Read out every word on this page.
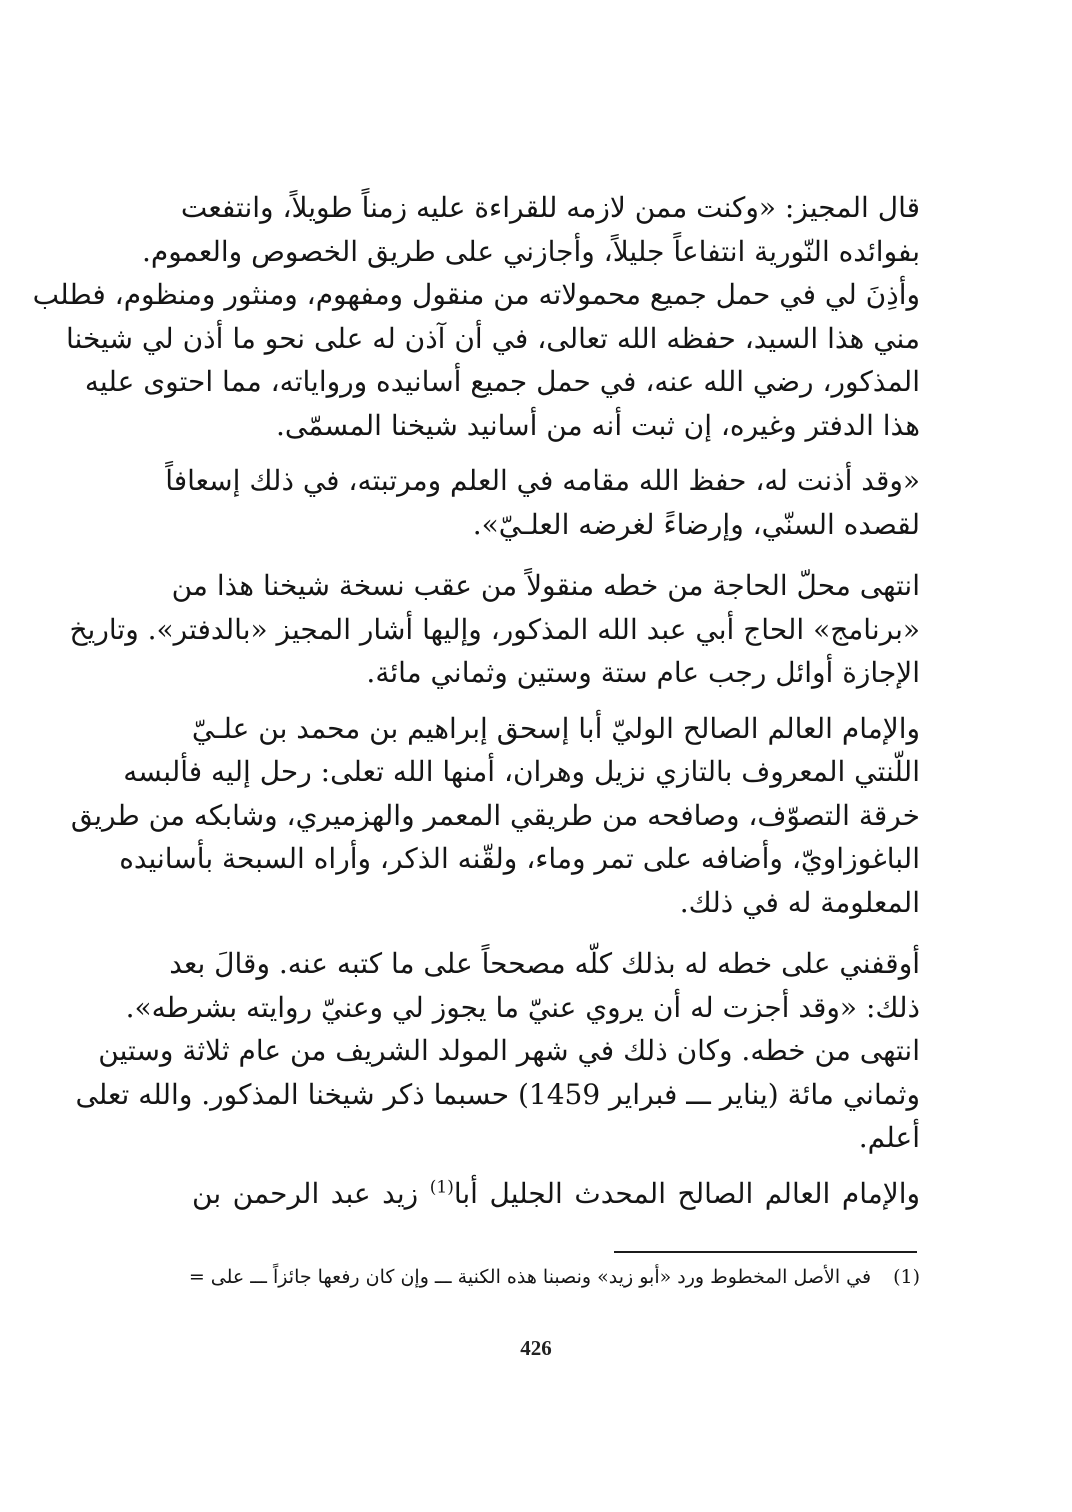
قال المجيز: «وكنت ممن لازمه للقراءة عليه زمناً طويلاً، وانتفعت
بفوائده النّورية انتفاعاً جليلاً، وأجازني على طريق الخصوص والعموم.
وأذِنَ لي في حمل جميع محمولاته من منقول ومفهوم، ومنثور ومنظوم، فطلب
مني هذا السيد، حفظه الله تعالى، في أن آذن له على نحو ما أذن لي شيخنا
المذكور، رضي الله عنه، في حمل جميع أسانيده ورواياته، مما احتوى عليه
هذا الدفتر وغيره، إن ثبت أنه من أسانيد شيخنا المسمّى.

«وقد أذنت له، حفظ الله مقامه في العلم ومرتبته، في ذلك إسعافاً
لقصده السنّي، وإرضاءً لغرضه العلـيّ».

انتهى محلّ الحاجة من خطه منقولاً من عقب نسخة شيخنا هذا من
«برنامج» الحاج أبي عبد الله المذكور، وإليها أشار المجيز «بالدفتر». وتاريخ
الإجازة أوائل رجب عام ستة وستين وثماني مائة.

والإمام العالم الصالح الوليّ أبا إسحق إبراهيم بن محمد بن علـيّ
اللّنتي المعروف بالتازي نزيل وهران، أمنها الله تعلى: رحل إليه فألبسه
خرقة التصوّف، وصافحه من طريقي المعمر والهزميري، وشابكه من طريق
الباغوزاويّ، وأضافه على تمر وماء، ولقّنه الذكر، وأراه السبحة بأسانيده
المعلومة له في ذلك.

أوقفني على خطه له بذلك كلّه مصححاً على ما كتبه عنه. وقالَ بعد
ذلك: «وقد أجزت له أن يروي عنيّ ما يجوز لي وعنيّ روايته بشرطه».
انتهى من خطه. وكان ذلك في شهر المولد الشريف من عام ثلاثة وستين
وثماني مائة (يناير ـــ فبراير 1459) حسبما ذكر شيخنا المذكور. والله تعلى
أعلم.

والإمام العالم الصالح المحدث الجليل أبا$^{(1)}$ زيد عبد الرحمن بن

(1)في الأصل المخطوط ورد «أبو زيد» ونصبنا هذه الكنية ـــ وإن كان رفعها جائزاً ـــ على =
426
